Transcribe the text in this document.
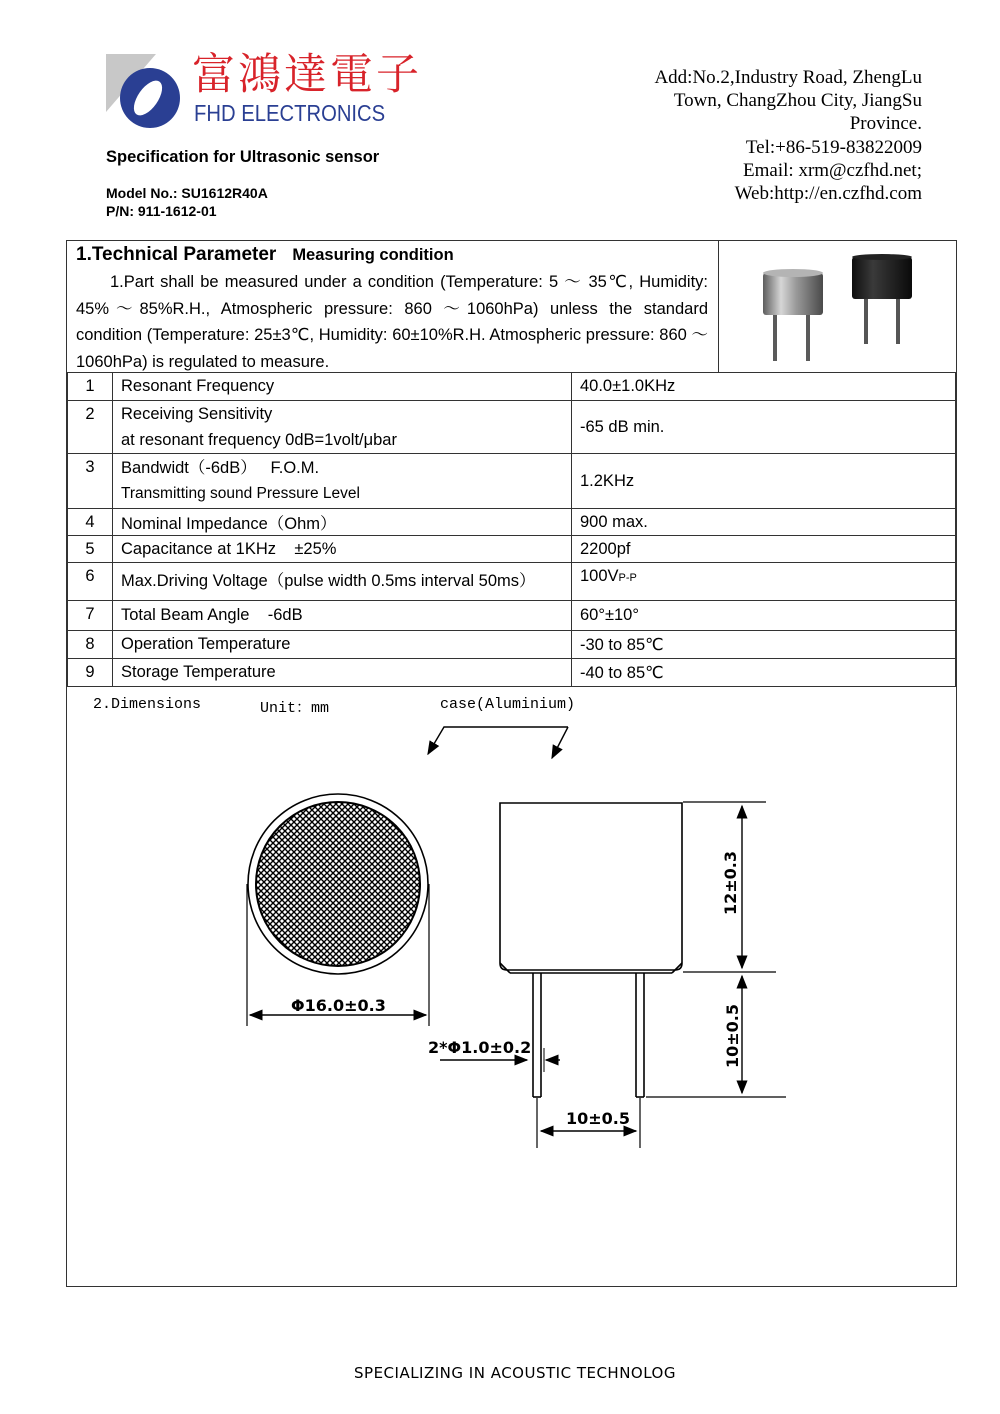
富鴻達電子
FHD ELECTRONICS
Specification for Ultrasonic sensor
Model No.: SU1612R40A
P/N: 911-1612-01
Add:No.2,Industry Road, ZhengLu
Town, ChangZhou City, JiangSu
Province.
Tel:+86-519-83822009
Email: xrm@czfhd.net;
Web:http://en.czfhd.com
1.Technical Parameter Measuring condition
1.Part shall be measured under a condition (Temperature: 5 ～ 35℃, Humidity: 45%～85%R.H., Atmospheric pressure: 860 ～1060hPa) unless the standard condition (Temperature: 25±3℃, Humidity: 60±10%R.H. Atmospheric pressure: 860 ～1060hPa) is regulated to measure.
1	Resonant Frequency	40.0±1.0KHz
2	Receiving Sensitivity
at resonant frequency 0dB=1volt/μbar	-65 dB min.
3	Bandwidt（-6dB）   F.O.M.
Transmitting sound Pressure Level	1.2KHz
4	Nominal Impedance（Ohm）	900 max.
5	Capacitance at 1KHz    ±25%	2200pf
6	Max.Driving Voltage（pulse width 0.5ms interval 50ms）	100VP-P
7	Total Beam Angle    -6dB	60°±10°
8	Operation Temperature	-30 to 85℃
9	Storage Temperature	-40 to 85℃
2.Dimensions	Unit：mm	case(Aluminium)
Φ16.0±0.3
2*Φ1.0±0.2
10±0.5
12±0.3
10±0.5
SPECIALIZING IN ACOUSTIC TECHNOLOG
